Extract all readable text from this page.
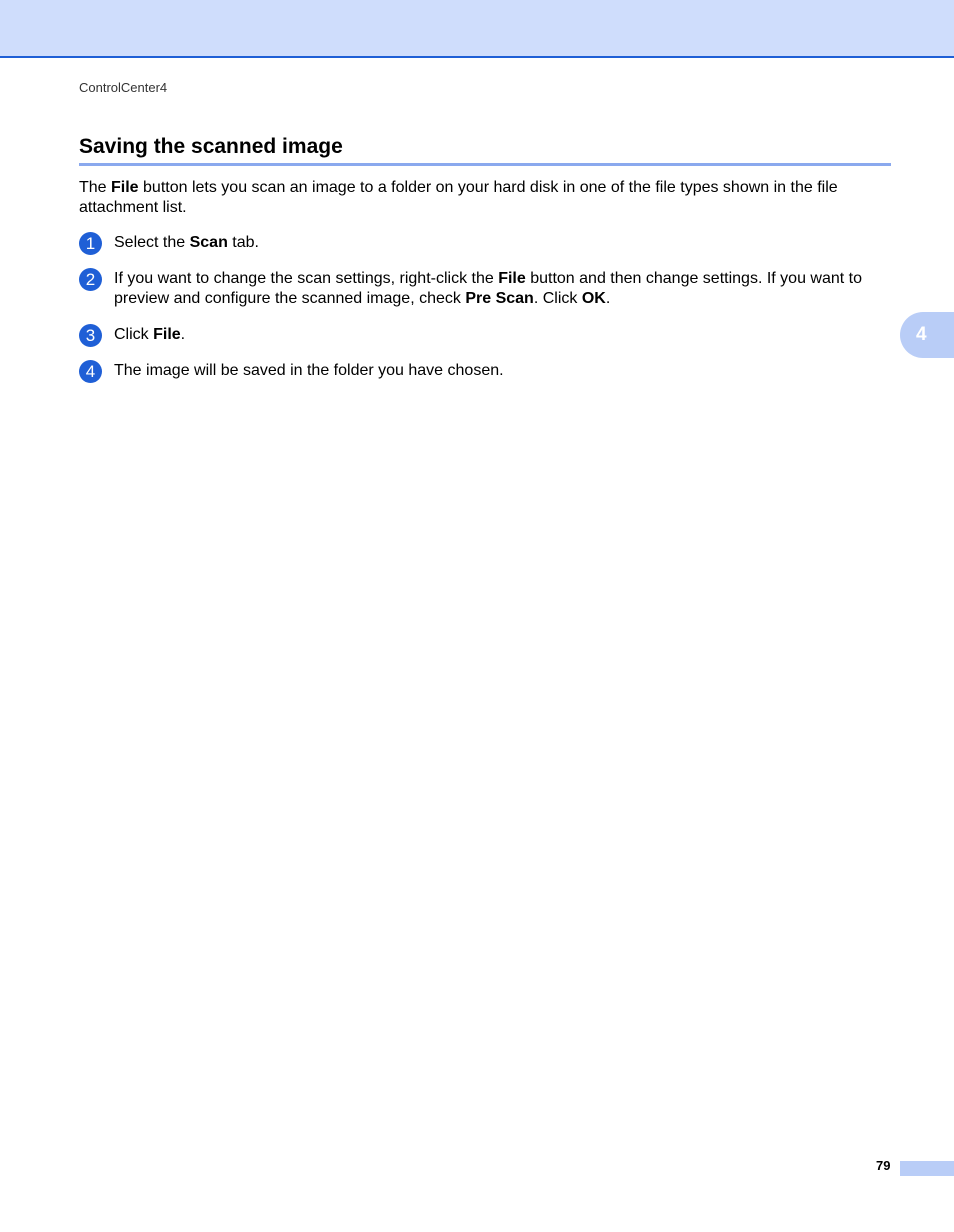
ControlCenter4
Saving the scanned image

The File button lets you scan an image to a folder on your hard disk in one of the file types shown in the file attachment list.

1	Select the Scan tab.
2	If you want to change the scan settings, right-click the File button and then change settings. If you want to preview and configure the scanned image, check Pre Scan. Click OK.
3	Click File.
4	The image will be saved in the folder you have chosen.
4
79
